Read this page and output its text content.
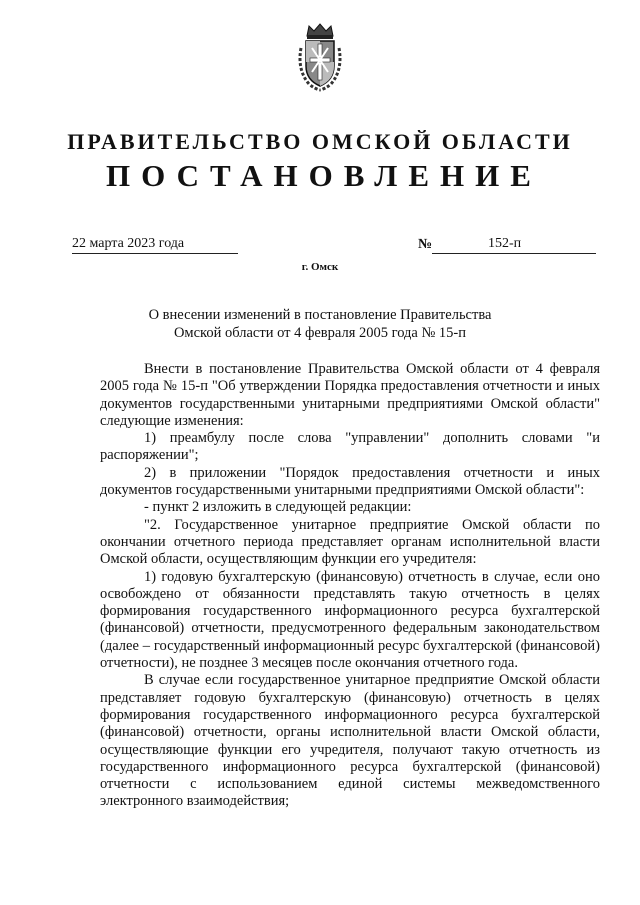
ПРАВИТЕЛЬСТВО ОМСКОЙ ОБЛАСТИ
ПОСТАНОВЛЕНИЕ
22 марта 2023 года	№	152-п

г. Омск
О внесении изменений в постановление Правительства
Омской области от 4 февраля 2005 года № 15-п

Внести в постановление Правительства Омской области от 4 февраля 2005 года № 15-п "Об утверждении Порядка предоставления отчетности и иных документов государственными унитарными предприятиями Омской области" следующие изменения:

1) преамбулу после слова "управлении" дополнить словами "и распоряжении";

2) в приложении "Порядок предоставления отчетности и иных документов государственными унитарными предприятиями Омской области":

- пункт 2 изложить в следующей редакции:

"2. Государственное унитарное предприятие Омской области по окончании отчетного периода представляет органам исполнительной власти Омской области, осуществляющим функции его учредителя:

1) годовую бухгалтерскую (финансовую) отчетность в случае, если оно освобождено от обязанности представлять такую отчетность в целях формирования государственного информационного ресурса бухгалтерской (финансовой) отчетности, предусмотренного федеральным законодательством (далее – государственный информационный ресурс бухгалтерской (финансовой) отчетности), не позднее 3 месяцев после окончания отчетного года.

В случае если государственное унитарное предприятие Омской области представляет годовую бухгалтерскую (финансовую) отчетность в целях формирования государственного информационного ресурса бухгалтерской (финансовой) отчетности, органы исполнительной власти Омской области, осуществляющие функции его учредителя, получают такую отчетность из государственного информационного ресурса бухгалтерской (финансовой) отчетности с использованием единой системы межведомственного электронного взаимодействия;
